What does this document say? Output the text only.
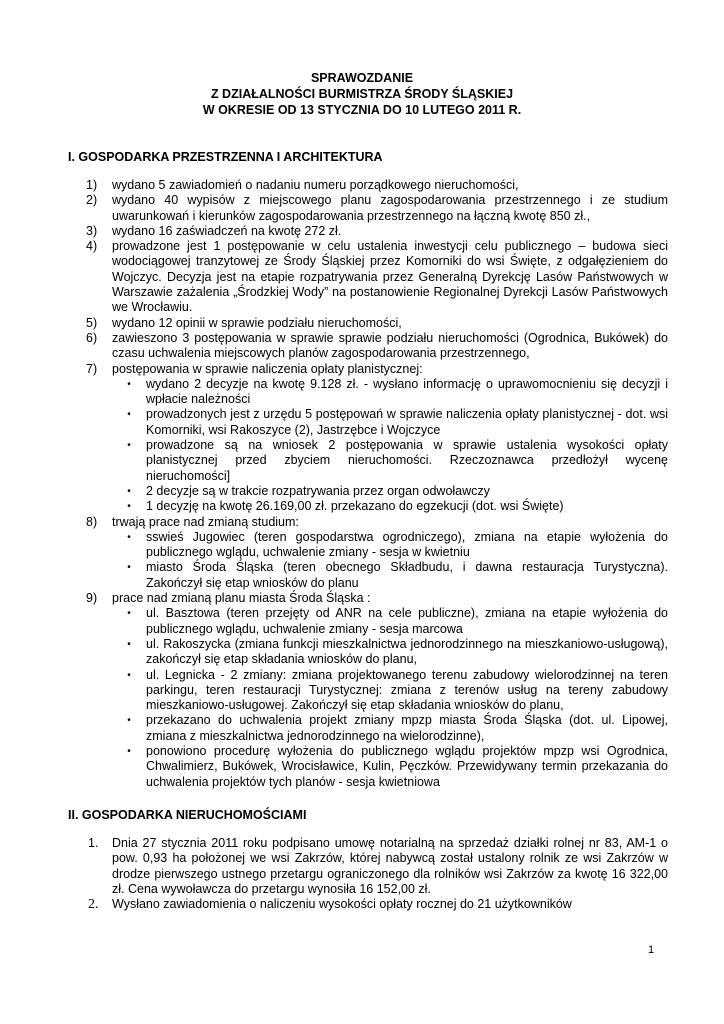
SPRAWOZDANIE
Z DZIAŁALNOŚCI BURMISTRZA ŚRODY ŚLĄSKIEJ
W OKRESIE OD 13 STYCZNIA DO 10 LUTEGO 2011 R.
I. GOSPODARKA PRZESTRZENNA I ARCHITEKTURA
1) wydano 5 zawiadomień o nadaniu numeru porządkowego nieruchomości,
2) wydano 40 wypisów z miejscowego planu zagospodarowania przestrzennego i ze studium uwarunkowań i kierunków zagospodarowania przestrzennego na łączną kwotę 850 zł.,
3) wydano 16 zaświadczeń na kwotę 272 zł.
4) prowadzone jest 1 postępowanie w celu ustalenia inwestycji celu publicznego – budowa sieci wodociągowej tranzytowej ze Środy Śląskiej przez Komorniki do wsi Święte, z odgałęzieniem do Wojczyc. Decyzja jest na etapie rozpatrywania przez Generalną Dyrekcję Lasów Państwowych w Warszawie zażalenia „Środzkiej Wody” na postanowienie Regionalnej Dyrekcji Lasów Państwowych we Wrocławiu.
5) wydano 12 opinii w sprawie podziału nieruchomości,
6) zawieszono 3 postępowania w sprawie sprawie podziału nieruchomości (Ogrodnica, Bukówek) do czasu uchwalenia miejscowych planów zagospodarowania przestrzennego,
7) postępowania w sprawie naliczenia opłaty planistycznej:
•	wydano 2 decyzje na kwotę 9.128 zł. - wysłano informację o uprawomocnieniu się decyzji i wpłacie należności
•	prowadzonych jest z urzędu 5 postępowań w sprawie naliczenia opłaty planistycznej - dot. wsi Komorniki, wsi Rakoszyce (2), Jastrzębce i Wojczyce
•	prowadzone są na wniosek 2 postępowania w sprawie ustalenia wysokości opłaty planistycznej przed zbyciem nieruchomości. Rzeczoznawca przedłożył wycenę nieruchomości]
•	2 decyzje są w trakcie rozpatrywania przez organ odwoławczy
•	1 decyzję na kwotę 26.169,00 zł. przekazano do egzekucji (dot. wsi Święte)
8) trwają prace nad zmianą studium:
•	sswieś Jugowiec (teren gospodarstwa ogrodniczego), zmiana na etapie wyłożenia do publicznego wglądu, uchwalenie zmiany - sesja w kwietniu
•	miasto Środa Śląska (teren obecnego Składbudu, i dawna restauracja Turystyczna). Zakończył się etap wniosków do planu
9) prace nad zmianą planu miasta Środa Śląska :
•	ul. Basztowa (teren przejęty od ANR na cele publiczne), zmiana na etapie wyłożenia do publicznego wglądu, uchwalenie zmiany - sesja marcowa
•	ul. Rakoszycka (zmiana funkcji mieszkalnictwa jednorodzinnego na mieszkaniowo-usługową), zakończył się etap składania wniosków do planu,
•	ul. Legnicka - 2 zmiany: zmiana projektowanego terenu zabudowy wielorodzinnej na teren parkingu, teren restauracji Turystycznej: zmiana z terenów usług na tereny zabudowy mieszkaniowo-usługowej. Zakończył się etap składania wniosków do planu,
•	przekazano do uchwalenia projekt zmiany mpzp miasta Środa Śląska (dot. ul. Lipowej, zmiana z mieszkalnictwa jednorodzinnego na wielorodzinne),
•	ponowiono procedurę wyłożenia do publicznego wglądu projektów mpzp wsi Ogrodnica, Chwalimierz, Bukówek, Wrocisławice, Kulin, Pęczków. Przewidywany termin przekazania do uchwalenia projektów tych planów - sesja kwietniowa
II. GOSPODARKA NIERUCHOMOŚCIAMI
1. Dnia 27 stycznia 2011 roku podpisano umowę notarialną na sprzedaż działki rolnej nr 83, AM-1 o pow. 0,93 ha położonej we wsi Zakrzów, której nabywcą został ustalony rolnik ze wsi Zakrzów w drodze pierwszego ustnego przetargu ograniczonego dla rolników wsi Zakrzów za kwotę 16 322,00 zł. Cena wywoławcza do przetargu wynosiła 16 152,00 zł.
2. Wysłano zawiadomienia o naliczeniu wysokości opłaty rocznej do 21 użytkowników
1
